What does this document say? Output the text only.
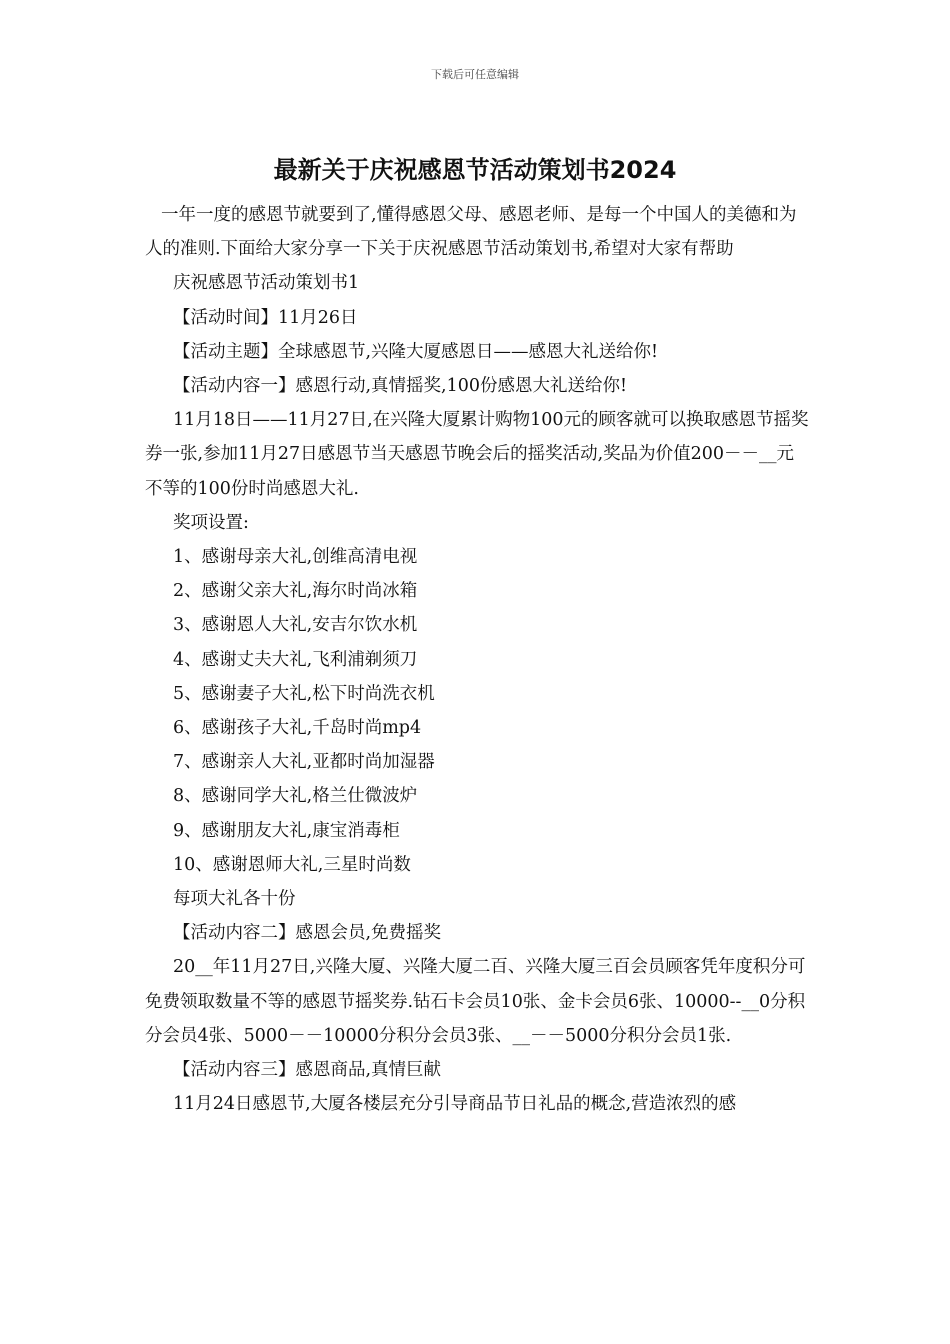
下载后可任意编辑
最新关于庆祝感恩节活动策划书2024

一年一度的感恩节就要到了,懂得感恩父母、感恩老师、是每一个中国人的美德和为人的准则.下面给大家分享一下关于庆祝感恩节活动策划书,希望对大家有帮助

庆祝感恩节活动策划书1

【活动时间】11月26日

【活动主题】全球感恩节,兴隆大厦感恩日——感恩大礼送给你!

【活动内容一】感恩行动,真情摇奖,100份感恩大礼送给你!

11月18日——11月27日,在兴隆大厦累计购物100元的顾客就可以换取感恩节摇奖券一张,参加11月27日感恩节当天感恩节晚会后的摇奖活动,奖品为价值200－－__元不等的100份时尚感恩大礼.

奖项设置:

1、感谢母亲大礼,创维高清电视

2、感谢父亲大礼,海尔时尚冰箱

3、感谢恩人大礼,安吉尔饮水机

4、感谢丈夫大礼,飞利浦剃须刀

5、感谢妻子大礼,松下时尚洗衣机

6、感谢孩子大礼,千岛时尚mp4

7、感谢亲人大礼,亚都时尚加湿器

8、感谢同学大礼,格兰仕微波炉

9、感谢朋友大礼,康宝消毒柜

10、感谢恩师大礼,三星时尚数

每项大礼各十份

【活动内容二】感恩会员,免费摇奖

20__年11月27日,兴隆大厦、兴隆大厦二百、兴隆大厦三百会员顾客凭年度积分可免费领取数量不等的感恩节摇奖券.钻石卡会员10张、金卡会员6张、10000--__0分积分会员4张、5000－－10000分积分会员3张、__－－5000分积分会员1张.

【活动内容三】感恩商品,真情巨献

11月24日感恩节,大厦各楼层充分引导商品节日礼品的概念,营造浓烈的感
